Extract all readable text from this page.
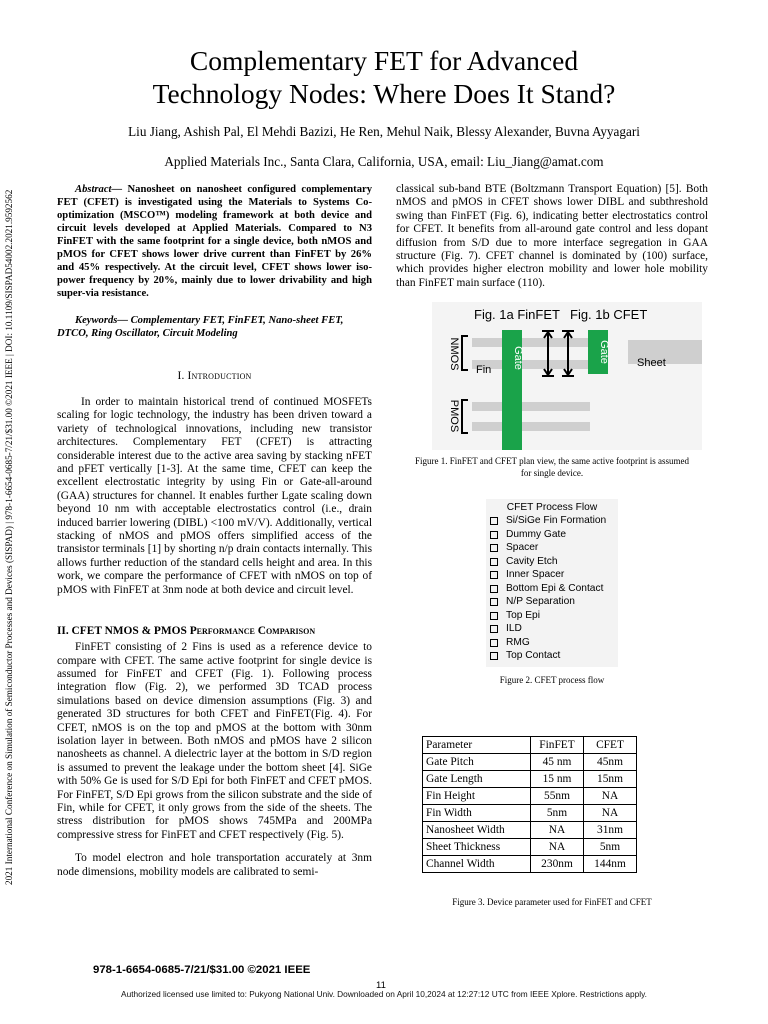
2021 International Conference on Simulation of Semiconductor Processes and Devices (SISPAD) | 978-1-6654-0685-7/21/$31.00 ©2021 IEEE | DOI: 10.1109/SISPAD54002.2021.9592562
Complementary FET for Advanced
Technology Nodes: Where Does It Stand?
Liu Jiang, Ashish Pal, El Mehdi Bazizi, He Ren, Mehul Naik, Blessy Alexander, Buvna Ayyagari
Applied Materials Inc., Santa Clara, California, USA, email: Liu_Jiang@amat.com

Abstract— Nanosheet on nanosheet configured complementary FET (CFET) is investigated using the Materials to Systems Co-optimization (MSCO™) modeling framework at both device and circuit levels developed at Applied Materials. Compared to N3 FinFET with the same footprint for a single device, both nMOS and pMOS for CFET shows lower drive current than FinFET by 26% and 45% respectively. At the circuit level, CFET shows lower iso-power frequency by 20%, mainly due to lower drivability and high super-via resistance.

Keywords— Complementary FET, FinFET, Nano-sheet FET, DTCO, Ring Oscillator, Circuit Modeling

I. Introduction

In order to maintain historical trend of continued MOSFETs scaling for logic technology, the industry has been driven toward a variety of technological innovations, including new transistor architectures. Complementary FET (CFET) is attracting considerable interest due to the active area saving by stacking nFET and pFET vertically [1-3]. At the same time, CFET can keep the excellent electrostatic integrity by using Fin or Gate-all-around (GAA) structures for channel. It enables further Lgate scaling down beyond 10 nm with acceptable electrostatics control (i.e., drain induced barrier lowering (DIBL) <100 mV/V). Additionally, vertical stacking of nMOS and pMOS offers simplified access of the transistor terminals [1] by shorting n/p drain contacts internally. This allows further reduction of the standard cells height and area. In this work, we compare the performance of CFET with nMOS on top of pMOS with FinFET at 3nm node at both device and circuit level.

II. CFET NMOS & PMOS Performance Comparison

FinFET consisting of 2 Fins is used as a reference device to compare with CFET. The same active footprint for single device is assumed for FinFET and CFET (Fig. 1). Following process integration flow (Fig. 2), we performed 3D TCAD process simulations based on device dimension assumptions (Fig. 3) and generated 3D structures for both CFET and FinFET(Fig. 4). For CFET, nMOS is on the top and pMOS at the bottom with 30nm isolation layer in between. Both nMOS and pMOS have 2 silicon nanosheets as channel. A dielectric layer at the bottom in S/D region is assumed to prevent the leakage under the bottom sheet [4]. SiGe with 50% Ge is used for S/D Epi for both FinFET and CFET pMOS. For FinFET, S/D Epi grows from the silicon substrate and the side of Fin, while for CFET, it only grows from the side of the sheets. The stress distribution for pMOS shows 745MPa and 200MPa compressive stress for FinFET and CFET respectively (Fig. 5).

To model electron and hole transportation accurately at 3nm node dimensions, mobility models are calibrated to semi-

classical sub-band BTE (Boltzmann Transport Equation) [5]. Both nMOS and pMOS in CFET shows lower DIBL and subthreshold swing than FinFET (Fig. 6), indicating better electrostatics control for CFET. It benefits from all-around gate control and less dopant diffusion from S/D due to more interface segregation in GAA structure (Fig. 7). CFET channel is dominated by (100) surface, which provides higher electron mobility and lower hole mobility than FinFET main surface (110).

Fig. 1a FinFET Fig. 1b CFET
Gate	Gate
NMOS
PMOS
Fin
Sheet

Figure 1. FinFET and CFET plan view, the same active footprint is assumed for single device.

CFET Process Flow
Si/SiGe Fin Formation
Dummy Gate
Spacer
Cavity Etch
Inner Spacer
Bottom Epi & Contact
N/P Separation
Top Epi
ILD
RMG
Top Contact

Figure 2. CFET process flow

Parameter	FinFET	CFET
Gate Pitch	45 nm	45nm
Gate Length	15 nm	15nm
Fin Height	55nm	NA
Fin Width	5nm	NA
Nanosheet Width	NA	31nm
Sheet Thickness	NA	5nm
Channel Width	230nm	144nm

Figure 3. Device parameter used for FinFET and CFET

978-1-6654-0685-7/21/$31.00 ©2021 IEEE
11
Authorized licensed use limited to: Pukyong National Univ. Downloaded on April 10,2024 at 12:27:12 UTC from IEEE Xplore. Restrictions apply.
